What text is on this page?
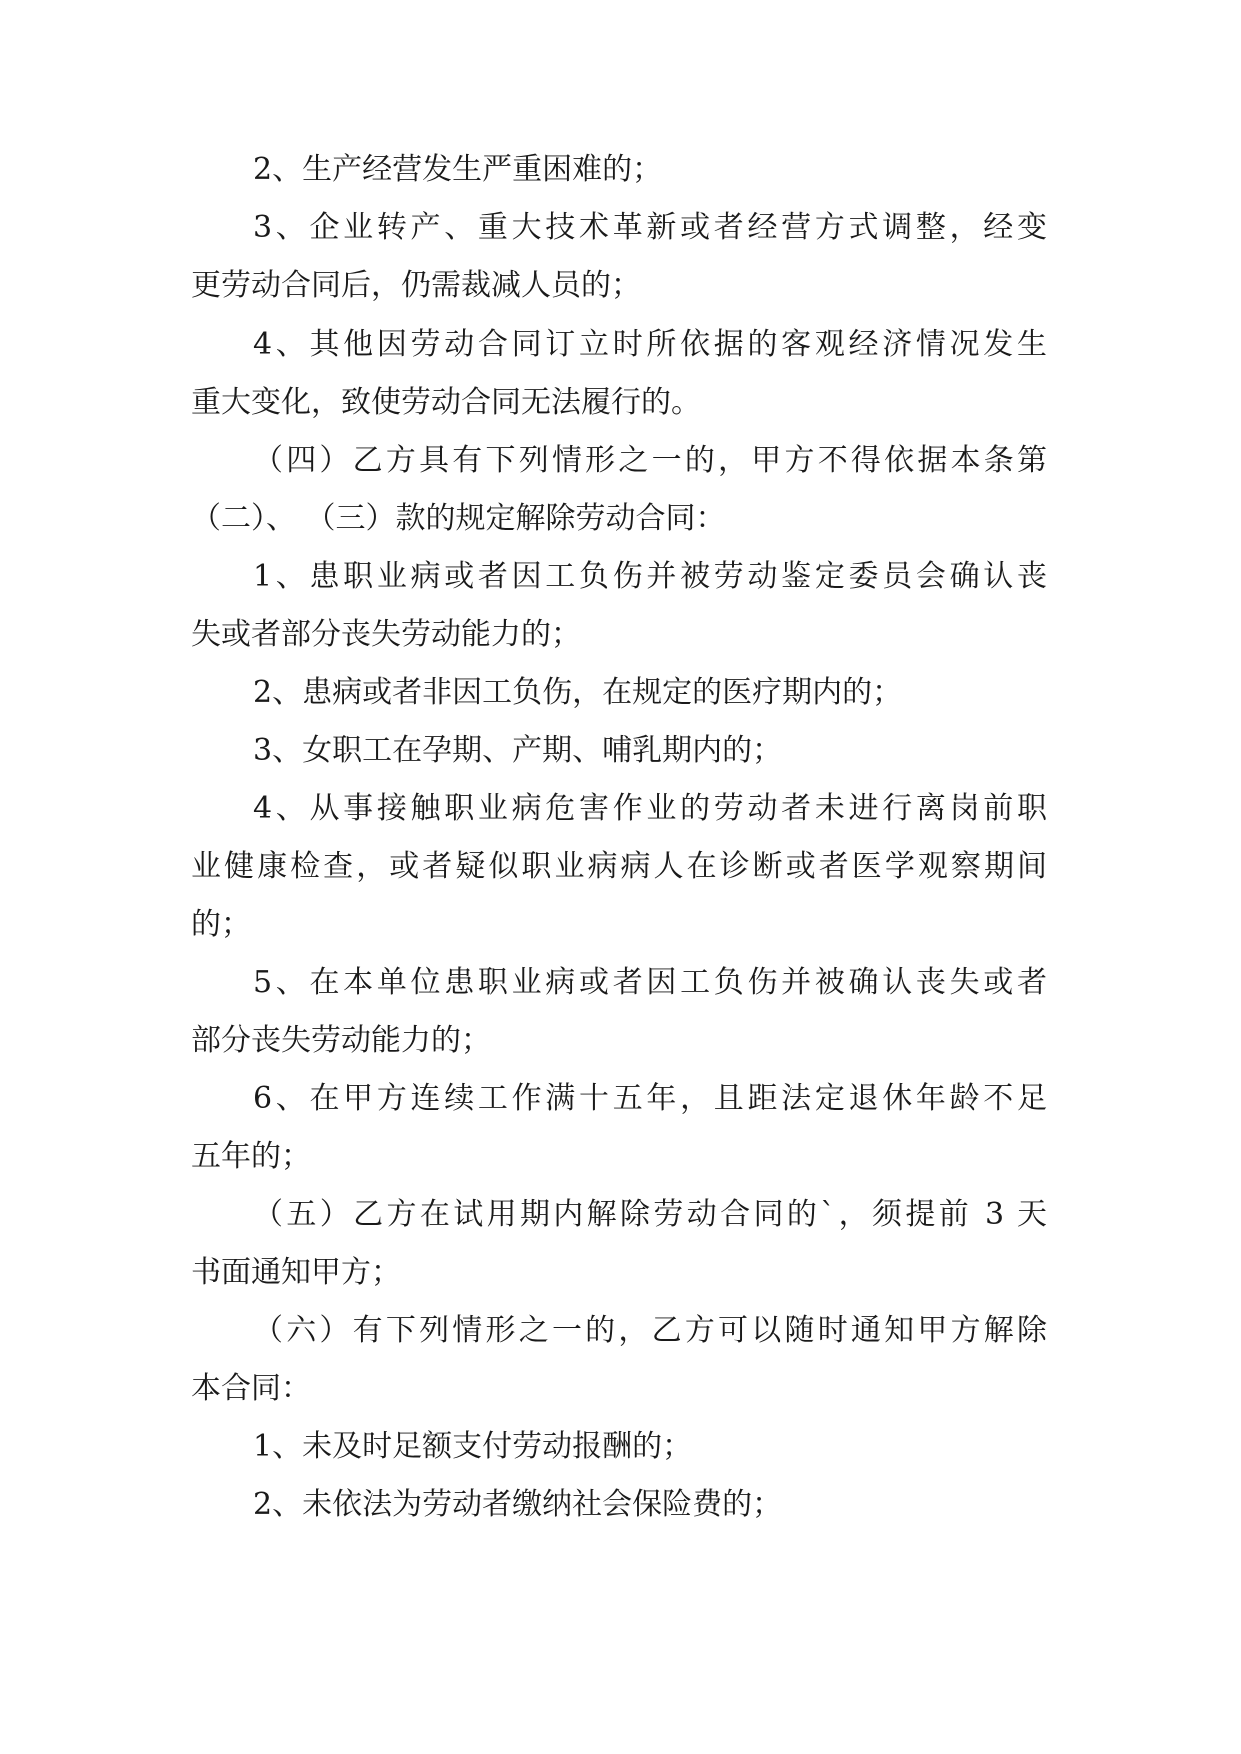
2、生产经营发生严重困难的；

3、企业转产、重大技术革新或者经营方式调整，经变

更劳动合同后，仍需裁减人员的；

4、其他因劳动合同订立时所依据的客观经济情况发生

重大变化，致使劳动合同无法履行的。

（四）乙方具有下列情形之一的，甲方不得依据本条第

（二）、 （三）款的规定解除劳动合同：

1、患职业病或者因工负伤并被劳动鉴定委员会确认丧

失或者部分丧失劳动能力的；

2、患病或者非因工负伤，在规定的医疗期内的；

3、女职工在孕期、产期、哺乳期内的；

4、从事接触职业病危害作业的劳动者未进行离岗前职

业健康检查，或者疑似职业病病人在诊断或者医学观察期间

的；

5、在本单位患职业病或者因工负伤并被确认丧失或者

部分丧失劳动能力的；

6、在甲方连续工作满十五年，且距法定退休年龄不足

五年的；

（五）乙方在试用期内解除劳动合同的`，须提前 3 天

书面通知甲方；

（六）有下列情形之一的，乙方可以随时通知甲方解除

本合同：

1、未及时足额支付劳动报酬的；

2、未依法为劳动者缴纳社会保险费的；
